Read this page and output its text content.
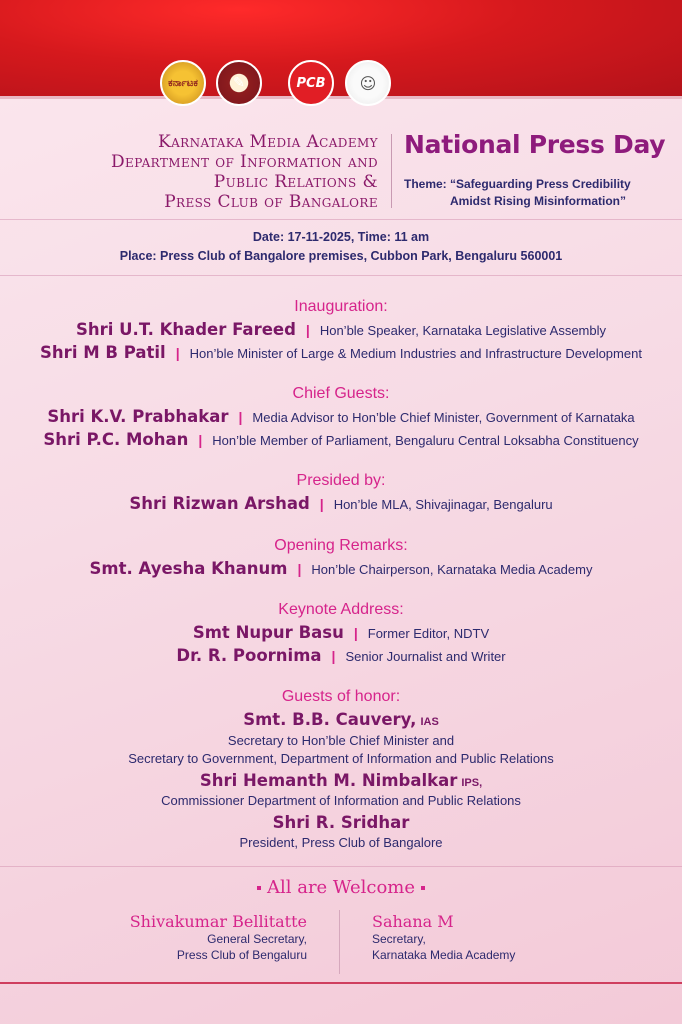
ಕರ್ನಾಟಕ	✎	PCB	☺
Karnataka Media Academy
Department of Information and
Public Relations &
Press Club of Bangalore
National Press Day
Theme: “Safeguarding Press Credibility
Amidst Rising Misinformation”
Date: 17-11-2025, Time: 11 am
Place: Press Club of Bangalore premises, Cubbon Park, Bengaluru 560001
Inauguration:
Shri U.T. Khader Fareed | Hon’ble Speaker, Karnataka Legislative Assembly
Shri M B Patil | Hon’ble Minister of Large & Medium Industries and Infrastructure Development
Chief Guests:
Shri K.V. Prabhakar | Media Advisor to Hon’ble Chief Minister, Government of Karnataka
Shri P.C. Mohan | Hon’ble Member of Parliament, Bengaluru Central Loksabha Constituency
Presided by:
Shri Rizwan Arshad | Hon’ble MLA, Shivajinagar, Bengaluru
Opening Remarks:
Smt. Ayesha Khanum | Hon’ble Chairperson, Karnataka Media Academy
Keynote Address:
Smt Nupur Basu | Former Editor, NDTV
Dr. R. Poornima | Senior Journalist and Writer
Guests of honor:
Smt. B.B. Cauvery, IAS
Secretary to Hon’ble Chief Minister and
Secretary to Government, Department of Information and Public Relations
Shri Hemanth M. Nimbalkar IPS,
Commissioner Department of Information and Public Relations
Shri R. Sridhar
President, Press Club of Bangalore
All are Welcome
Shivakumar Bellitatte
General Secretary,
Press Club of Bengaluru
Sahana M
Secretary,
Karnataka Media Academy
